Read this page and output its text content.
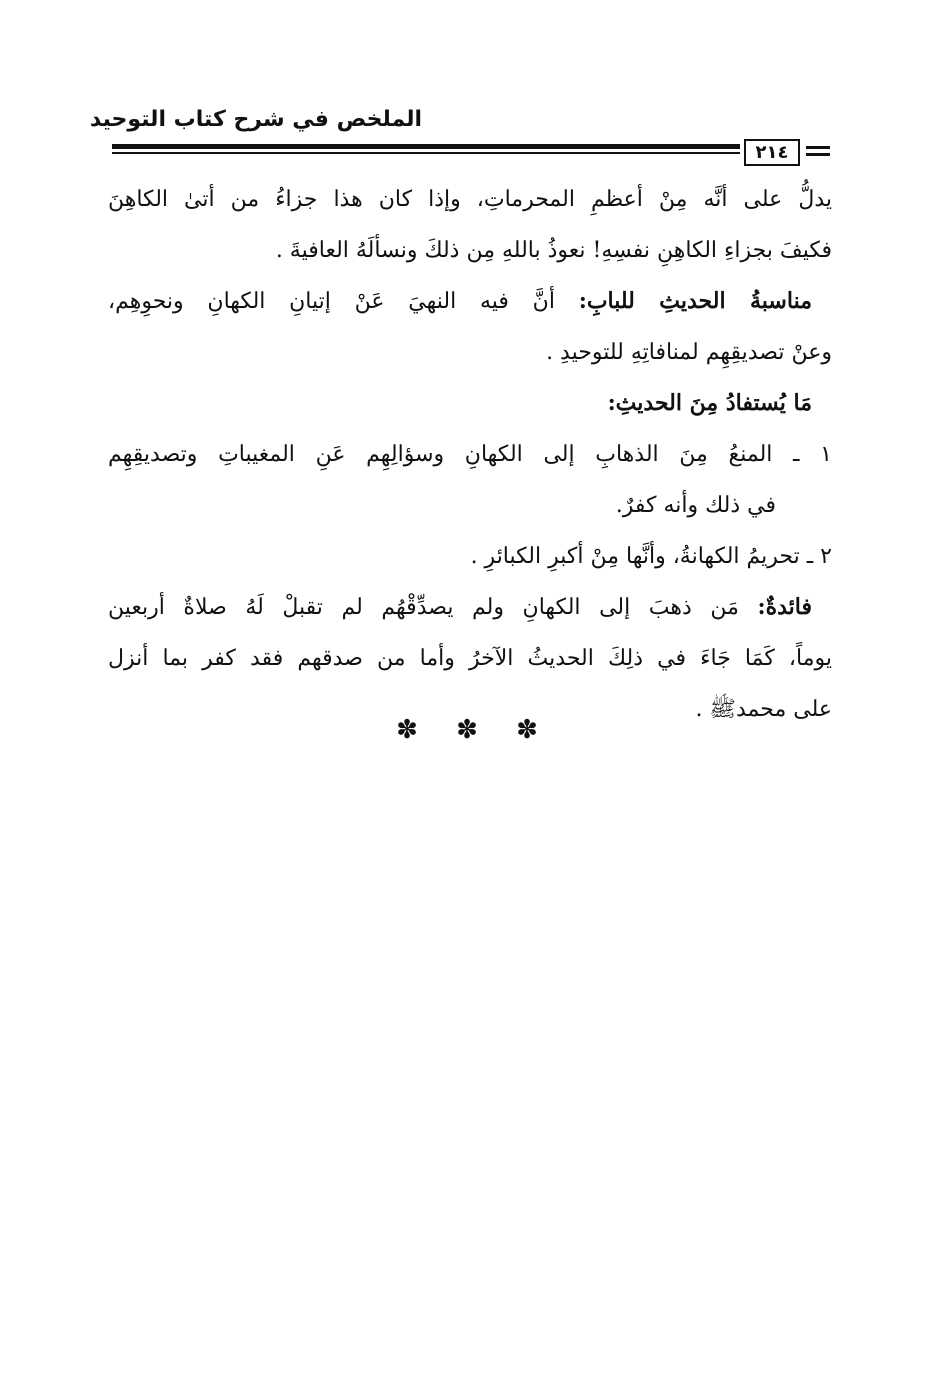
الملخص في شرح كتاب التوحيد
٢١٤
يدلُّ على أنَّه مِنْ أعظمِ المحرماتِ، وإذا كان هذا جزاءُ من أتىٰ الكاهِنَ
فكيفَ بجزاءِ الكاهِنِ نفسِهِ! نعوذُ باللهِ مِن ذلكَ ونسألَهُ العافيةَ .
مناسبةُ الحديثِ للبابِ: أنَّ فيه النهيَ عَنْ إتيانِ الكهانِ ونحوِهِم،
وعنْ تصديقِهِم لمنافاتِهِ للتوحيدِ .
مَا يُستفادُ مِنَ الحديثِ:
١ ـ المنعُ مِنَ الذهابِ إلى الكهانِ وسؤالِهِم عَنِ المغيباتِ وتصديقِهِم
في ذلك وأنه كفرٌ.
٢ ـ تحريمُ الكهانةُ، وأنَّها مِنْ أكبرِ الكبائرِ .
فائدةٌ: مَن ذهبَ إلى الكهانِ ولم يصدِّقْهُم لم تقبلْ لَهُ صلاةٌ أربعين
يوماً، كَمَا جَاءَ في ذلِكَ الحديثُ الآخرُ وأما من صدقهم فقد كفر بما أنزل
على محمدﷺ .
✽ ✽ ✽
